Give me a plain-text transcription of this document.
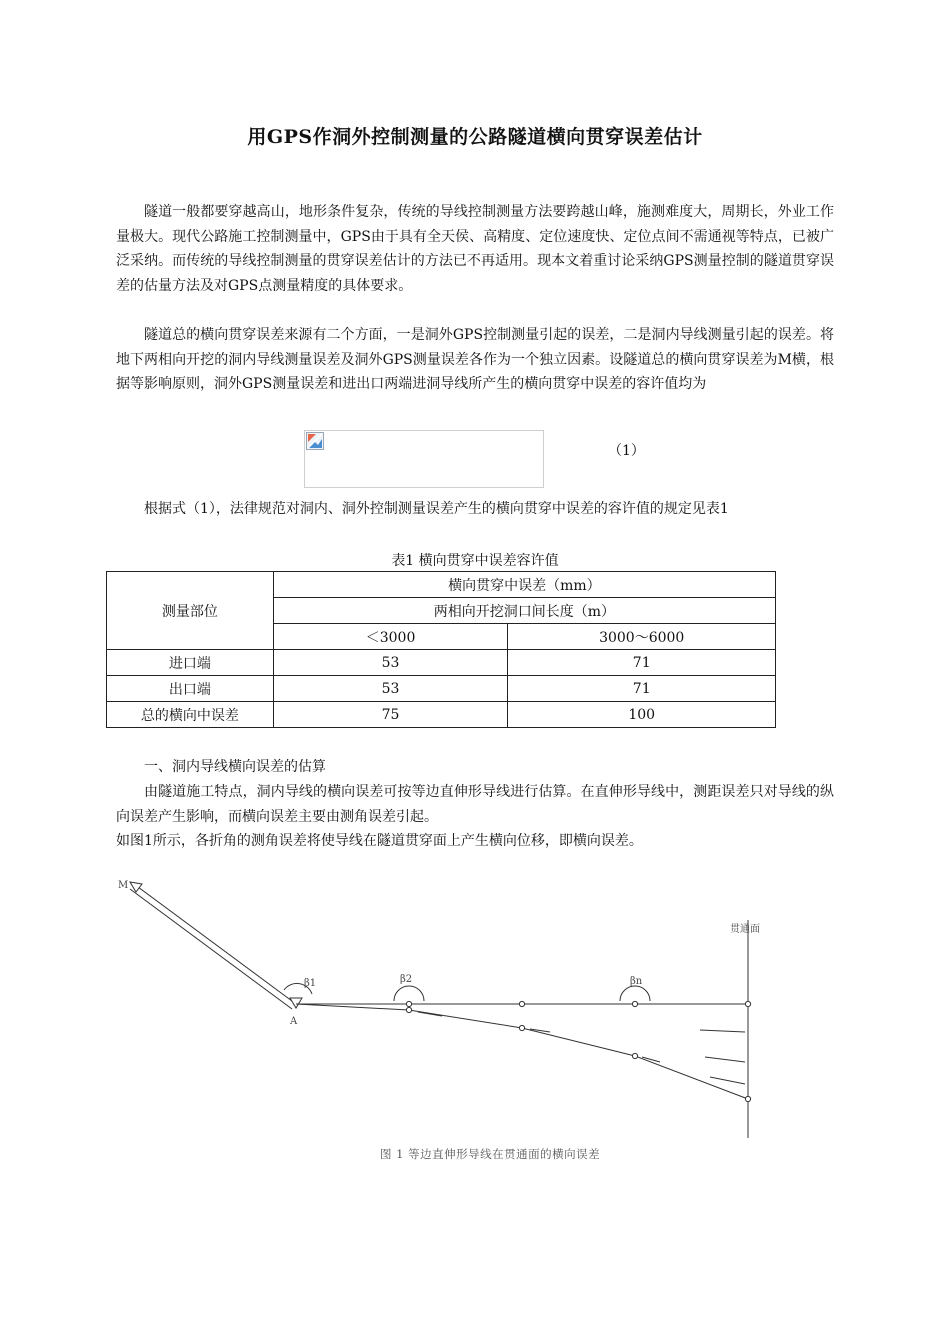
用GPS作洞外控制测量的公路隧道横向贯穿误差估计

隧道一般都要穿越高山，地形条件复杂，传统的导线控制测量方法要跨越山峰，施测难度大，周期长，外业工作量极大。现代公路施工控制测量中，GPS由于具有全天侯、高精度、定位速度快、定位点间不需通视等特点，已被广泛采纳。而传统的导线控制测量的贯穿误差估计的方法已不再适用。现本文着重讨论采纳GPS测量控制的隧道贯穿误差的估量方法及对GPS点测量精度的具体要求。

隧道总的横向贯穿误差来源有二个方面，一是洞外GPS控制测量引起的误差，二是洞内导线测量引起的误差。将地下两相向开挖的洞内导线测量误差及洞外GPS测量误差各作为一个独立因素。设隧道总的横向贯穿误差为M横，根据等影响原则，洞外GPS测量误差和进出口两端进洞导线所产生的横向贯穿中误差的容许值均为

（1）

根据式（1），法律规范对洞内、洞外控制测量误差产生的横向贯穿中误差的容许值的规定见表1

表1 横向贯穿中误差容许值
测量部位	横向贯穿中误差（mm）	
	两相向开挖洞口间长度（m）	
	＜3000	3000～6000
进口端	53	71
出口端	53	71
总的横向中误差	75	100

一、洞内导线横向误差的估算

由隧道施工特点，洞内导线的横向误差可按等边直伸形导线进行估算。在直伸形导线中，测距误差只对导线的纵向误差产生影响，而横向误差主要由测角误差引起。

如图1所示，各折角的测角误差将使导线在隧道贯穿面上产生横向位移，即横向误差。

M
A
β1	β2	βn
贯通面
图 1 等边直伸形导线在贯通面的横向误差
